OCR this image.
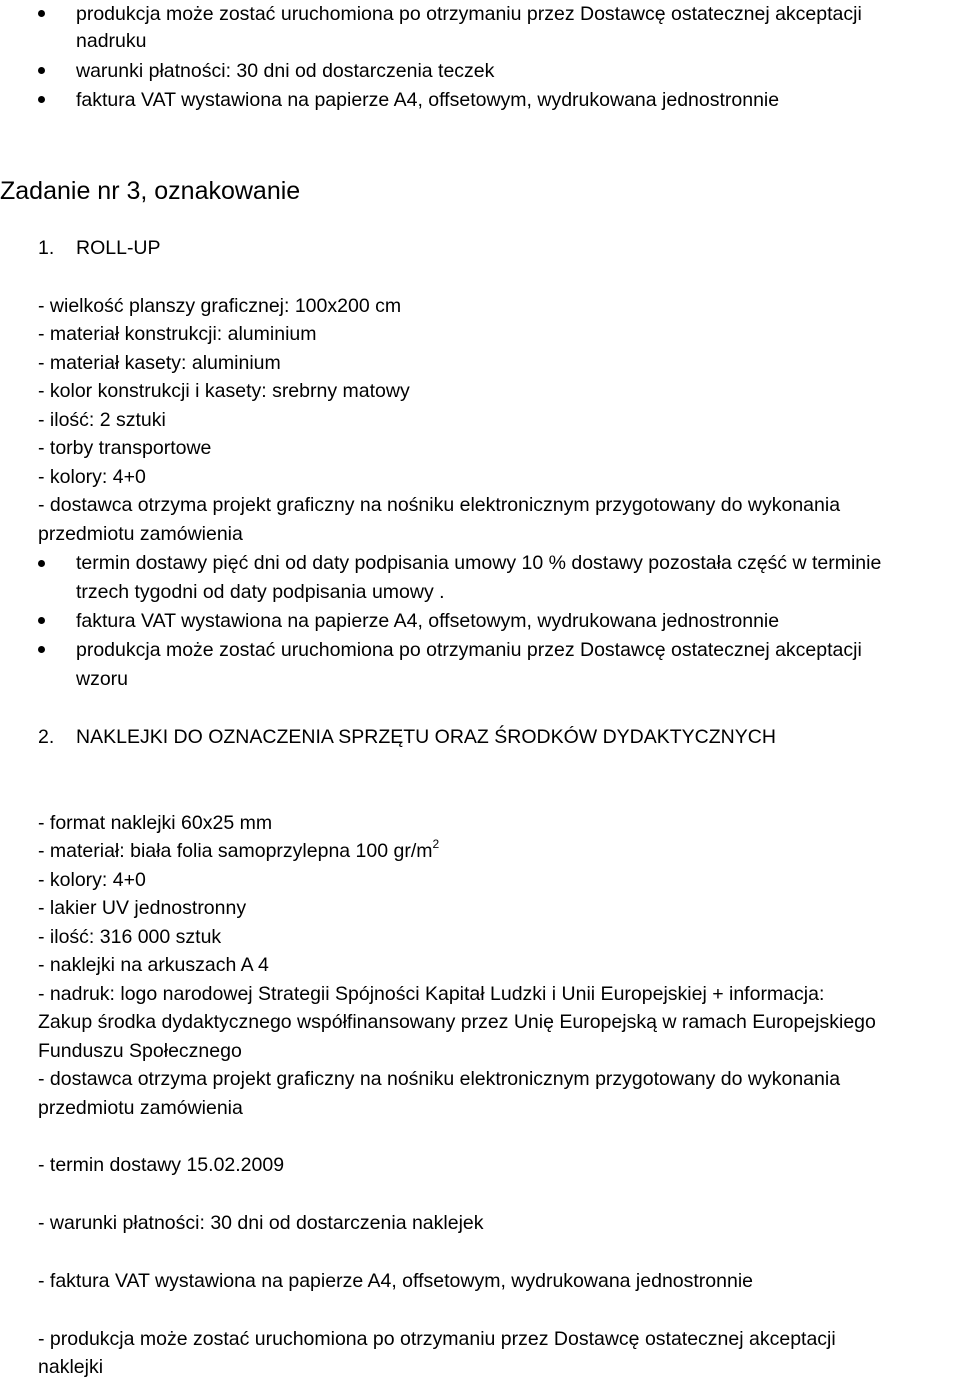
produkcja może zostać uruchomiona po otrzymaniu przez Dostawcę ostatecznej akceptacji
nadruku
warunki płatności: 30 dni od dostarczenia teczek
faktura VAT wystawiona na papierze A4, offsetowym, wydrukowana jednostronnie
Zadanie nr 3, oznakowanie
1. ROLL-UP
- wielkość planszy graficznej: 100x200 cm
- materiał konstrukcji: aluminium
- materiał kasety: aluminium
- kolor konstrukcji i kasety: srebrny matowy
- ilość: 2 sztuki
- torby transportowe
- kolory: 4+0
- dostawca otrzyma projekt graficzny na nośniku elektronicznym przygotowany do wykonania
przedmiotu zamówienia
termin dostawy pięć dni od daty podpisania umowy 10 % dostawy pozostała część w terminie
trzech tygodni od daty podpisania umowy .
faktura VAT wystawiona na papierze A4, offsetowym, wydrukowana jednostronnie
produkcja może zostać uruchomiona po otrzymaniu przez Dostawcę ostatecznej akceptacji
wzoru
2. NAKLEJKI DO OZNACZENIA SPRZĘTU ORAZ ŚRODKÓW DYDAKTYCZNYCH
- format naklejki 60x25 mm
- materiał: biała folia samoprzylepna 100 $gr/m^2$
- kolory: 4+0
- lakier UV jednostronny
- ilość: 316 000 sztuk
- naklejki na arkuszach A 4
- nadruk: logo narodowej Strategii Spójności Kapitał Ludzki i Unii Europejskiej + informacja:
Zakup środka dydaktycznego współfinansowany przez Unię Europejską w ramach Europejskiego
Funduszu Społecznego
- dostawca otrzyma projekt graficzny na nośniku elektronicznym przygotowany do wykonania
przedmiotu zamówienia
- termin dostawy 15.02.2009
- warunki płatności: 30 dni od dostarczenia naklejek
- faktura VAT wystawiona na papierze A4, offsetowym, wydrukowana jednostronnie
- produkcja może zostać uruchomiona po otrzymaniu przez Dostawcę ostatecznej akceptacji
naklejki
